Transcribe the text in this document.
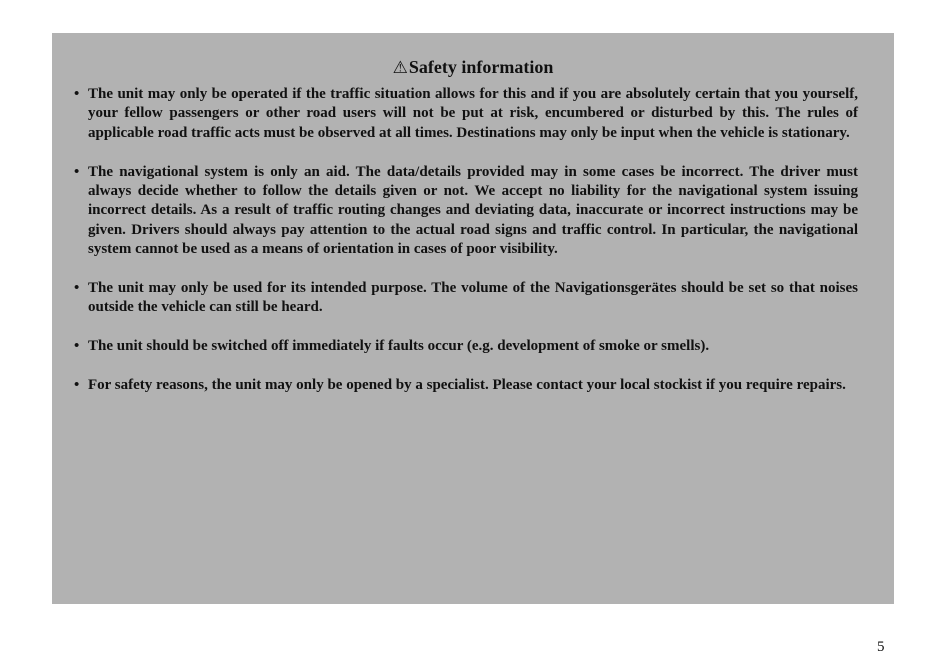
⚠Safety information
• The unit may only be operated if the traffic situation allows for this and if you are absolutely certain that you yourself, your fellow passengers or other road users will not be put at risk, encumbered or disturbed by this. The rules of applicable road traffic acts must be observed at all times. Destinations may only be input when the vehicle is stationary.
• The navigational system is only an aid. The data/details provided may in some cases be incorrect. The driver must always decide whether to follow the details given or not. We accept no liability for the navigational system issuing incorrect details. As a result of traffic routing changes and deviating data, inaccurate or incorrect instructions may be given. Drivers should always pay attention to the actual road signs and traffic control. In particular, the navigational system cannot be used as a means of orientation in cases of poor visibility.
• The unit may only be used for its intended purpose. The volume of the Navigationsgerätes should be set so that noises outside the vehicle can still be heard.
• The unit should be switched off immediately if faults occur (e.g. development of smoke or smells).
• For safety reasons, the unit may only be opened by a specialist. Please contact your local stockist if you require repairs.
5
